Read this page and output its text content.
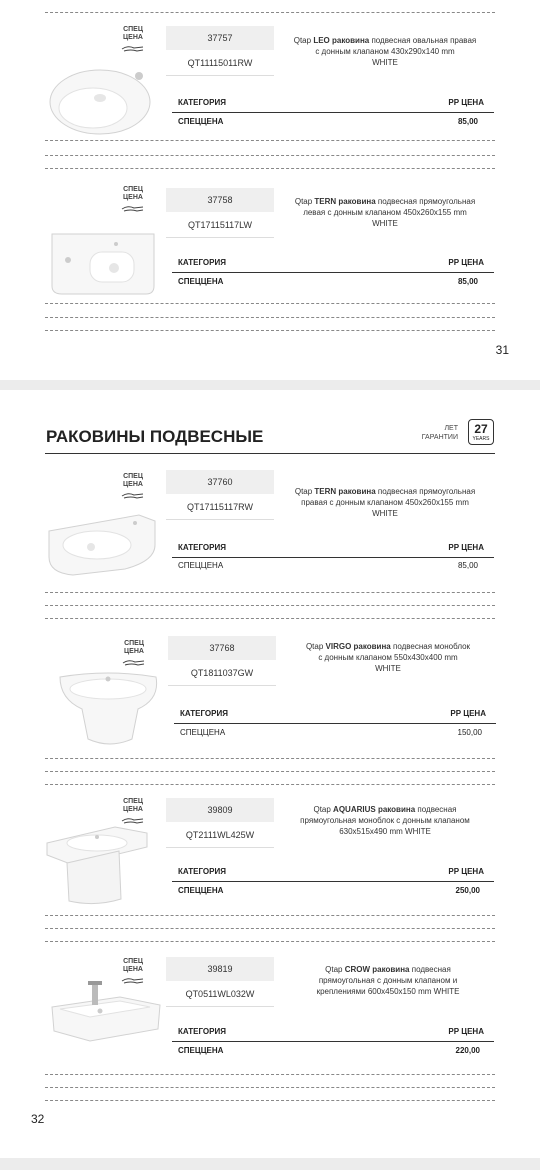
СПЕЦ
ЦЕНА	37757
QT11115011RW
Qtap LEO раковина подвесная овальная правая
с донным клапаном 430х290х140 mm
WHITE
КАТЕГОРИЯ	РР ЦЕНА
СПЕЦЦЕНА	85,00
СПЕЦ
ЦЕНА	37758
QT17115117LW
Qtap TERN раковина подвесная прямоугольная
левая с донным клапаном 450х260х155 mm
WHITE
КАТЕГОРИЯ	РР ЦЕНА
СПЕЦЦЕНА	85,00
31
РАКОВИНЫ ПОДВЕСНЫЕ	ЛЕТ
ГАРАНТИИ
27
YEARS
СПЕЦ
ЦЕНА	37760
QT17115117RW
Qtap TERN раковина подвесная прямоугольная
правая с донным клапаном 450х260х155 mm
WHITE
КАТЕГОРИЯ	РР ЦЕНА
СПЕЦЦЕНА	85,00
СПЕЦ
ЦЕНА	37768
QT1811037GW
Qtap VIRGO раковина подвесная моноблок
с донным клапаном 550х430х400 mm
WHITE
КАТЕГОРИЯ	РР ЦЕНА
СПЕЦЦЕНА	150,00
СПЕЦ
ЦЕНА	39809
QT2111WL425W
Qtap AQUARIUS раковина подвесная
прямоугольная моноблок с донным клапаном
630х515х490 mm WHITE
КАТЕГОРИЯ	РР ЦЕНА
СПЕЦЦЕНА	250,00
СПЕЦ
ЦЕНА	39819
QT0511WL032W
Qtap CROW раковина подвесная
прямоугольная с донным клапаном и
креплениями 600х450х150 mm WHITE
КАТЕГОРИЯ	РР ЦЕНА
СПЕЦЦЕНА	220,00
32
